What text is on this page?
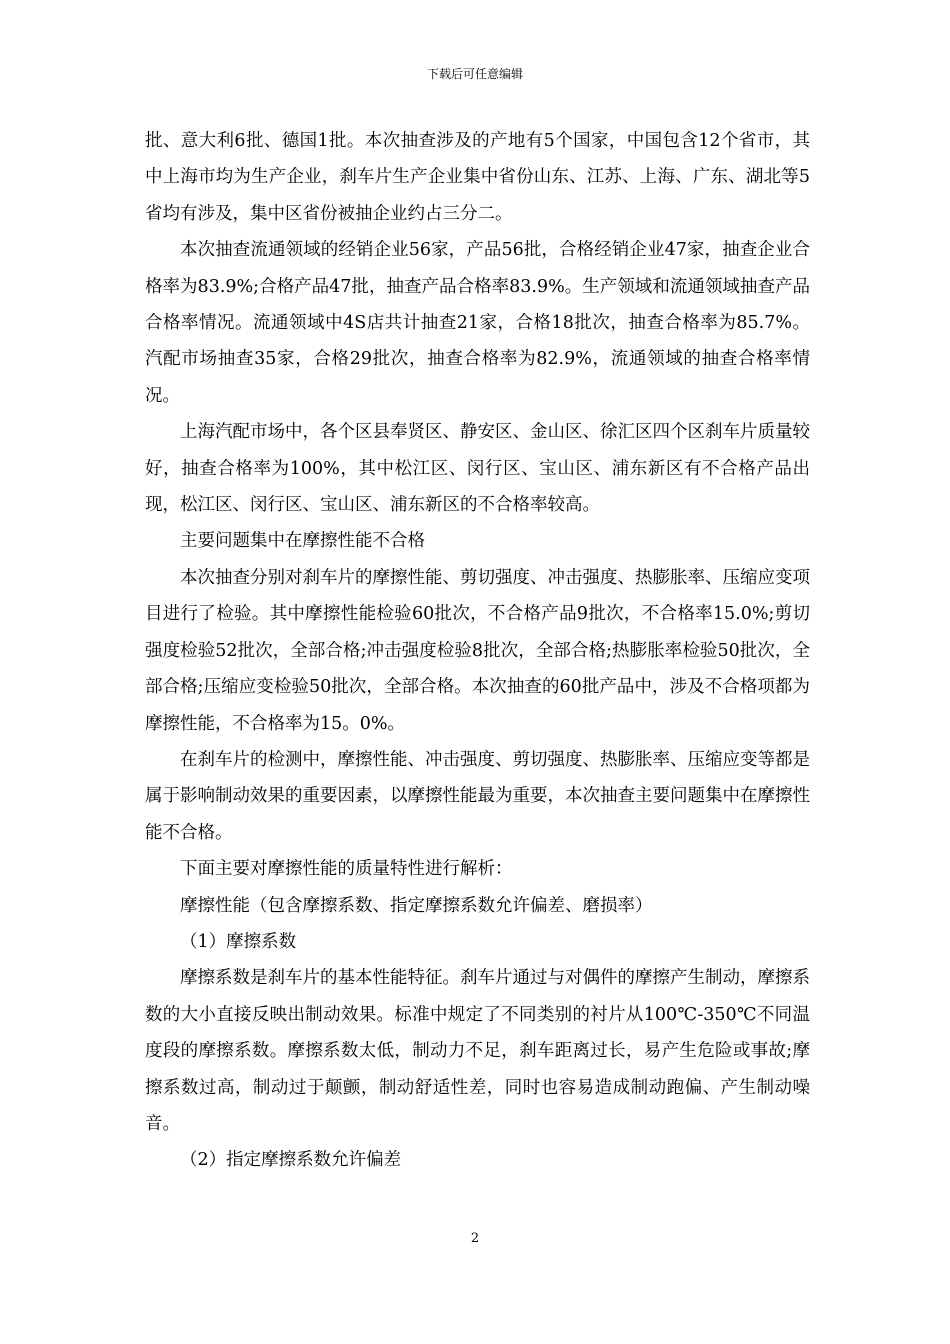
下载后可任意编辑

批、意大利6批、德国1批。本次抽查涉及的产地有5个国家，中国包含12个省市，其中上海市均为生产企业，刹车片生产企业集中省份山东、江苏、上海、广东、湖北等5省均有涉及，集中区省份被抽企业约占三分二。

本次抽查流通领域的经销企业56家，产品56批，合格经销企业47家，抽查企业合格率为83.9%;合格产品47批，抽查产品合格率83.9%。生产领域和流通领域抽查产品合格率情况。流通领域中4S店共计抽查21家，合格18批次，抽查合格率为85.7%。汽配市场抽查35家，合格29批次，抽查合格率为82.9%，流通领域的抽查合格率情况。

上海汽配市场中，各个区县奉贤区、静安区、金山区、徐汇区四个区刹车片质量较好，抽查合格率为100%，其中松江区、闵行区、宝山区、浦东新区有不合格产品出现，松江区、闵行区、宝山区、浦东新区的不合格率较高。

主要问题集中在摩擦性能不合格

本次抽查分别对刹车片的摩擦性能、剪切强度、冲击强度、热膨胀率、压缩应变项目进行了检验。其中摩擦性能检验60批次，不合格产品9批次，不合格率15.0%;剪切强度检验52批次，全部合格;冲击强度检验8批次，全部合格;热膨胀率检验50批次，全部合格;压缩应变检验50批次，全部合格。本次抽查的60批产品中，涉及不合格项都为摩擦性能，不合格率为15。0%。

在刹车片的检测中，摩擦性能、冲击强度、剪切强度、热膨胀率、压缩应变等都是属于影响制动效果的重要因素，以摩擦性能最为重要，本次抽查主要问题集中在摩擦性能不合格。

下面主要对摩擦性能的质量特性进行解析：

摩擦性能（包含摩擦系数、指定摩擦系数允许偏差、磨损率）

（1）摩擦系数

摩擦系数是刹车片的基本性能特征。刹车片通过与对偶件的摩擦产生制动，摩擦系数的大小直接反映出制动效果。标准中规定了不同类别的衬片从100℃-350℃不同温度段的摩擦系数。摩擦系数太低，制动力不足，刹车距离过长，易产生危险或事故;摩擦系数过高，制动过于颠颤，制动舒适性差，同时也容易造成制动跑偏、产生制动噪音。

（2）指定摩擦系数允许偏差

2
